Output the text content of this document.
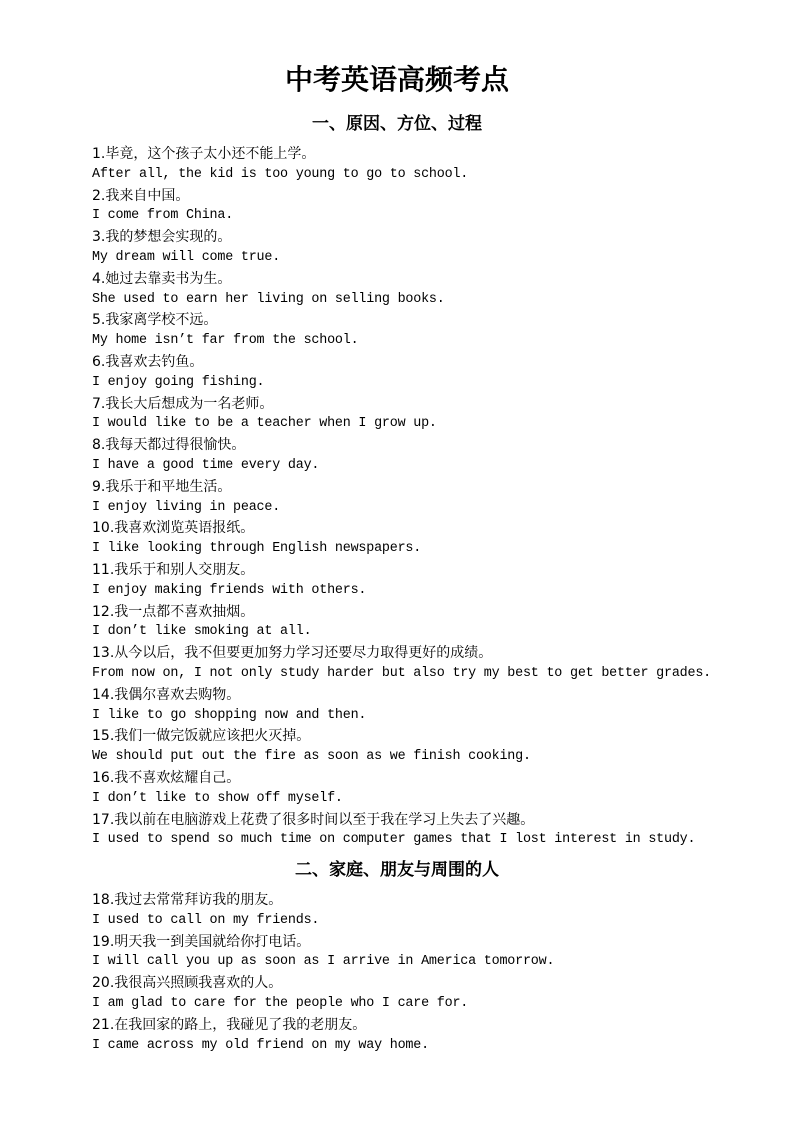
中考英语高频考点
一、原因、方位、过程
1.毕竟，这个孩子太小还不能上学。
After all, the kid is too young to go to school.
2.我来自中国。
I come from China.
3.我的梦想会实现的。
My dream will come true.
4.她过去靠卖书为生。
She used to earn her living on selling books.
5.我家离学校不远。
My home isn’t far from the school.
6.我喜欢去钓鱼。
I enjoy going fishing.
7.我长大后想成为一名老师。
I would like to be a teacher when I grow up.
8.我每天都过得很愉快。
I have a good time every day.
9.我乐于和平地生活。
I enjoy living in peace.
10.我喜欢浏览英语报纸。
I like looking through English newspapers.
11.我乐于和别人交朋友。
I enjoy making friends with others.
12.我一点都不喜欢抽烟。
I don’t like smoking at all.
13.从今以后，我不但要更加努力学习还要尽力取得更好的成绩。
From now on, I not only study harder but also try my best to get better grades.
14.我偶尔喜欢去购物。
I like to go shopping now and then.
15.我们一做完饭就应该把火灭掉。
We should put out the fire as soon as we finish cooking.
16.我不喜欢炫耀自己。
I don’t like to show off myself.
17.我以前在电脑游戏上花费了很多时间以至于我在学习上失去了兴趣。
I used to spend so much time on computer games that I lost interest in study.
二、家庭、朋友与周围的人
18.我过去常常拜访我的朋友。
I used to call on my friends.
19.明天我一到美国就给你打电话。
I will call you up as soon as I arrive in America tomorrow.
20.我很高兴照顾我喜欢的人。
I am glad to care for the people who I care for.
21.在我回家的路上，我碰见了我的老朋友。
I came across my old friend on my way home.
